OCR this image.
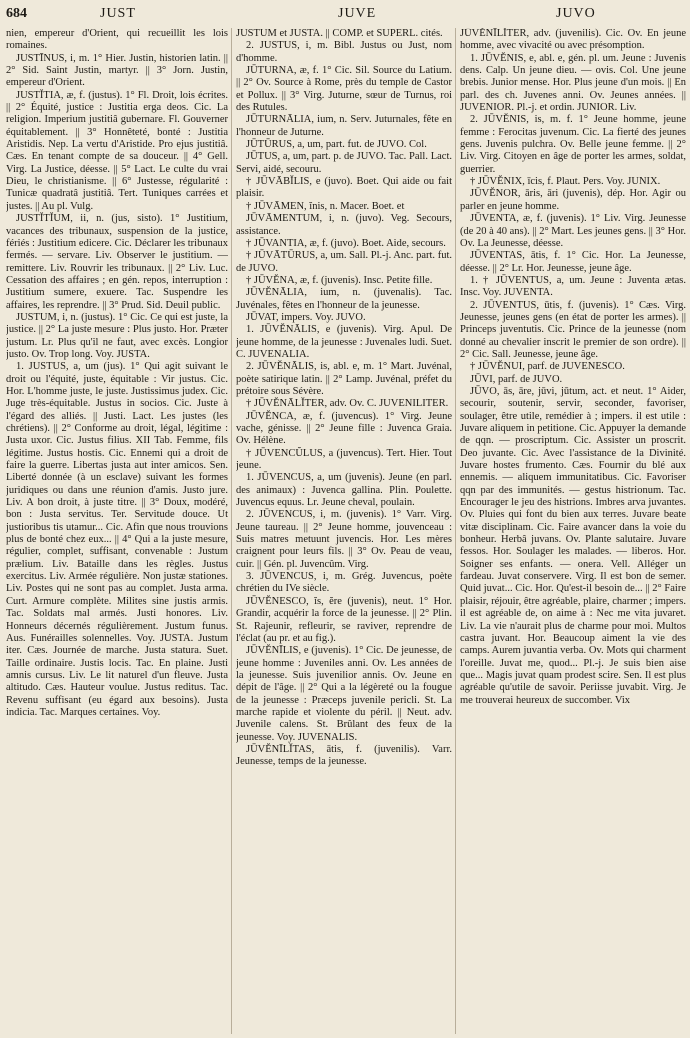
684	JUST	JUVE	JUVO

nien, empereur d'Orient, qui recueillit les lois romaines.

JUSTĪNUS, i, m. 1° Hier. Justin, historien latin. || 2° Sid. Saint Justin, martyr. || 3° Jorn. Justin, empereur d'Orient.

JUSTĬTIA, æ, f. (justus). 1° Fl. Droit, lois écrites. || 2° Équité, justice : Justitia erga deos. Cic. La religion. Imperium justitiâ gubernare. Fl. Gouverner équitablement. || 3° Honnêteté, bonté : Justitia Aristidis. Nep. La vertu d'Aristide. Pro ejus justitiâ. Cæs. En tenant compte de sa douceur. || 4° Gell. Virg. La Justice, déesse. || 5° Lact. Le culte du vrai Dieu, le christianisme. || 6° Justesse, régularité : Tunicæ quadratâ justitiâ. Tert. Tuniques carrées et justes. || Au pl. Vulg.

JUSTĬTĬUM, ii, n. (jus, sisto). 1° Justitium, vacances des tribunaux, suspension de la justice, fériés : Justitium edicere. Cic. Déclarer les tribunaux fermés. — servare. Liv. Observer le justitium. — remittere. Liv. Rouvrir les tribunaux. || 2° Liv. Luc. Cessation des affaires ; en gén. repos, interruption : Justitium sumere, exuere. Tac. Suspendre les affaires, les reprendre. || 3° Prud. Sid. Deuil public.

JUSTUM, i, n. (justus). 1° Cic. Ce qui est juste, la justice. || 2° La juste mesure : Plus justo. Hor. Præter justum. Lr. Plus qu'il ne faut, avec excès. Longior justo. Ov. Trop long. Voy. JUSTA.

1. JUSTUS, a, um (jus). 1° Qui agit suivant le droit ou l'équité, juste, équitable : Vir justus. Cic. Hor. L'homme juste, le juste. Justissimus judex. Cic. Juge très-équitable. Justus in socios. Cic. Juste à l'égard des alliés. || Justi. Lact. Les justes (les chrétiens). || 2° Conforme au droit, légal, légitime : Justa uxor. Cic. Justus filius. XII Tab. Femme, fils légitime. Justus hostis. Cic. Ennemi qui a droit de faire la guerre. Libertas justa aut inter amicos. Sen. Liberté donnée (à un esclave) suivant les formes juridiques ou dans une réunion d'amis. Justo jure. Liv. A bon droit, à juste titre. || 3° Doux, modéré, bon : Justa servitus. Ter. Servitude douce. Ut justioribus tis utamur... Cic. Afin que nous trouvions plus de bonté chez eux... || 4° Qui a la juste mesure, régulier, complet, suffisant, convenable : Justum prælium. Liv. Bataille dans les règles. Justus exercitus. Liv. Armée régulière. Non justæ stationes. Liv. Postes qui ne sont pas au complet. Justa arma. Curt. Armure complète. Milites sine justis armis. Tac. Soldats mal armés. Justi honores. Liv. Honneurs décernés régulièrement. Justum funus. Aus. Funérailles solennelles. Voy. JUSTA. Justum iter. Cæs. Journée de marche. Justa statura. Suet. Taille ordinaire. Justis locis. Tac. En plaine. Justi amnis cursus. Liv. Le lit naturel d'un fleuve. Justa altitudo. Cæs. Hauteur voulue. Justus reditus. Tac. Revenu suffisant (eu égard aux besoins). Justa indicia. Tac. Marques certaines. Voy.

JUSTUM et JUSTA. || COMP. et SUPERL. cités.

2. JUSTUS, i, m. Bibl. Justus ou Just, nom d'homme.

JŪTURNA, æ, f. 1° Cic. Sil. Source du Latium. || 2° Ov. Source à Rome, près du temple de Castor et Pollux. || 3° Virg. Juturne, sœur de Turnus, roi des Rutules.

JŪTURNĀLIA, ium, n. Serv. Juturnales, fête en l'honneur de Juturne.

JŪTŪRUS, a, um, part. fut. de JUVO. Col.

JŪTUS, a, um, part. p. de JUVO. Tac. Pall. Lact. Servi, aidé, secouru.

† JŪVĀBĬLIS, e (juvo). Boet. Qui aide ou fait plaisir.

† JŪVĀMEN, ĭnis, n. Macer. Boet. et

JŪVĀMENTUM, i, n. (juvo). Veg. Secours, assistance.

† JŪVANTIA, æ, f. (juvo). Boet. Aide, secours.

† JŪVĀTŪRUS, a, um. Sall. Pl.-j. Anc. part. fut. de JUVO.

† JŪVĔNA, æ, f. (juvenis). Insc. Petite fille.

JŪVĔNĀLIA, ium, n. (juvenalis). Tac. Juvénales, fêtes en l'honneur de la jeunesse.

JŪVAT, impers. Voy. JUVO.

1. JŪVĔNĀLIS, e (juvenis). Virg. Apul. De jeune homme, de la jeunesse : Juvenales ludi. Suet. C. JUVENALIA.

2. JŪVĔNĀLIS, is, abl. e, m. 1° Mart. Juvénal, poète satirique latin. || 2° Lamp. Juvénal, préfet du prétoire sous Sévère.

† JŪVĔNĀLĬTER, adv. Ov. C. JUVENILITER.

JŪVĔNCA, æ, f. (juvencus). 1° Virg. Jeune vache, génisse. || 2° Jeune fille : Juvenca Graia. Ov. Hélène.

† JŪVENCŬLUS, a (juvencus). Tert. Hier. Tout jeune.

1. JŪVENCUS, a, um (juvenis). Jeune (en parl. des animaux) : Juvenca gallina. Plin. Poulette. Juvencus equus. Lr. Jeune cheval, poulain.

2. JŪVENCUS, i, m. (juvenis). 1° Varr. Virg. Jeune taureau. || 2° Jeune homme, jouvenceau : Suis matres metuunt juvencis. Hor. Les mères craignent pour leurs fils. || 3° Ov. Peau de veau, cuir. || Gén. pl. Juvencûm. Virg.

3. JŪVENCUS, i, m. Grég. Juvencus, poète chrétien du IVe siècle.

JŪVĔNESCO, ĭs, ĕre (juvenis), neut. 1° Hor. Grandir, acquérir la force de la jeunesse. || 2° Plin. St. Rajeunir, refleurir, se raviver, reprendre de l'éclat (au pr. et au fig.).

JŪVĔNĪLIS, e (juvenis). 1° Cic. De jeunesse, de jeune homme : Juveniles anni. Ov. Les années de la jeunesse. Suis juvenilior annis. Ov. Jeune en dépit de l'âge. || 2° Qui a la légèreté ou la fougue de la jeunesse : Præceps juvenile pericli. St. La marche rapide et violente du péril. || Neut. adv. Juvenile calens. St. Brûlant des feux de la jeunesse. Voy. JUVENALIS.

JŪVĔNĪLĬTAS, ātis, f. (juvenilis). Varr. Jeunesse, temps de la jeunesse.

JŪVĔNĪLĬTER, adv. (juvenilis). Cic. Ov. En jeune homme, avec vivacité ou avec présomption.

1. JŪVĔNIS, e, abl. e, gén. pl. um. Jeune : Juvenis dens. Calp. Un jeune dieu. — ovis. Col. Une jeune brebis. Junior mense. Hor. Plus jeune d'un mois. || En parl. des ch. Juvenes anni. Ov. Jeunes années. || JUVENIOR. Pl.-j. et ordin. JUNIOR. Liv.

2. JŪVĔNIS, is, m. f. 1° Jeune homme, jeune femme : Ferocitas juvenum. Cic. La fierté des jeunes gens. Juvenis pulchra. Ov. Belle jeune femme. || 2° Liv. Virg. Citoyen en âge de porter les armes, soldat, guerrier.

† JŪVĔNIX, īcis, f. Plaut. Pers. Voy. JUNIX.

JŪVĔNOR, āris, āri (juvenis), dép. Hor. Agir ou parler en jeune homme.

JŪVENTA, æ, f. (juvenis). 1° Liv. Virg. Jeunesse (de 20 à 40 ans). || 2° Mart. Les jeunes gens. || 3° Hor. Ov. La Jeunesse, déesse.

JŪVENTAS, ātis, f. 1° Cic. Hor. La Jeunesse, déesse. || 2° Lr. Hor. Jeunesse, jeune âge.

1. † JŪVENTUS, a, um. Jeune : Juventa ætas. Insc. Voy. JUVENTA.

2. JŪVENTUS, ūtis, f. (juvenis). 1° Cæs. Virg. Jeunesse, jeunes gens (en état de porter les armes). || Princeps juventutis. Cic. Prince de la jeunesse (nom donné au chevalier inscrit le premier de son ordre). || 2° Cic. Sall. Jeunesse, jeune âge.

† JŪVĔNUI, parf. de JUVENESCO.

JŪVI, parf. de JUVO.

JŪVO, ās, āre, jūvi, jūtum, act. et neut. 1° Aider, secourir, soutenir, servir, seconder, favoriser, soulager, être utile, remédier à ; impers. il est utile : Juvare aliquem in petitione. Cic. Appuyer la demande de qqn. — proscriptum. Cic. Assister un proscrit. Deo juvante. Cic. Avec l'assistance de la Divinité. Juvare hostes frumento. Cæs. Fournir du blé aux ennemis. — aliquem immunitatibus. Cic. Favoriser qqn par des immunités. — gestus histrionum. Tac. Encourager le jeu des histrions. Imbres arva juvantes. Ov. Pluies qui font du bien aux terres. Juvare beate vitæ disciplinam. Cic. Faire avancer dans la voie du bonheur. Herbâ juvans. Ov. Plante salutaire. Juvare fessos. Hor. Soulager les malades. — liberos. Hor. Soigner ses enfants. — onera. Vell. Alléger un fardeau. Juvat conservere. Virg. Il est bon de semer. Quid juvat... Cic. Hor. Qu'est-il besoin de... || 2° Faire plaisir, réjouir, être agréable, plaire, charmer ; impers. il est agréable de, on aime à : Nec me vita juvaret. Liv. La vie n'aurait plus de charme pour moi. Multos castra juvant. Hor. Beaucoup aiment la vie des camps. Aurem juvantia verba. Ov. Mots qui charment l'oreille. Juvat me, quod... Pl.-j. Je suis bien aise que... Magis juvat quam prodest scire. Sen. Il est plus agréable qu'utile de savoir. Periisse juvabit. Virg. Je me trouverai heureux de succomber. Vix
